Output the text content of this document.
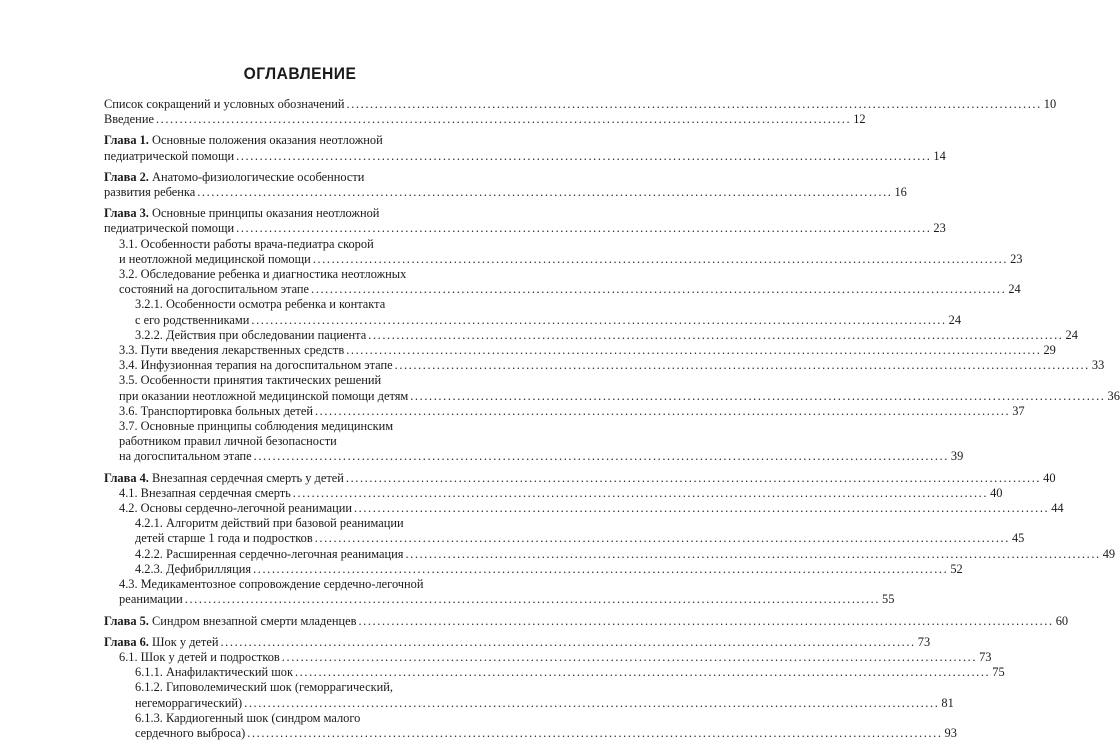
ОГЛАВЛЕНИЕ
Список сокращений и условных обозначений .................................................................................................................................................... 10
Введение .................................................................................................................................................... 12
Глава 1. Основные положения оказания неотложной
педиатрической помощи .................................................................................................................................................... 14
Глава 2. Анатомо-физиологические особенности
развития ребенка .................................................................................................................................................... 16
Глава 3. Основные принципы оказания неотложной
педиатрической помощи .................................................................................................................................................... 23
3.1. Особенности работы врача-педиатра скорой
и неотложной медицинской помощи .................................................................................................................................................... 23
3.2. Обследование ребенка и диагностика неотложных
состояний на догоспитальном этапе .................................................................................................................................................... 24
3.2.1. Особенности осмотра ребенка и контакта
с его родственниками .................................................................................................................................................... 24
3.2.2. Действия при обследовании пациента .................................................................................................................................................... 24
3.3. Пути введения лекарственных средств .................................................................................................................................................... 29
3.4. Инфузионная терапия на догоспитальном этапе .................................................................................................................................................... 33
3.5. Особенности принятия тактических решений
при оказании неотложной медицинской помощи детям .................................................................................................................................................... 36
3.6. Транспортировка больных детей .................................................................................................................................................... 37
3.7. Основные принципы соблюдения медицинским
работником правил личной безопасности
на догоспитальном этапе .................................................................................................................................................... 39
Глава 4. Внезапная сердечная смерть у детей .................................................................................................................................................... 40
4.1. Внезапная сердечная смерть .................................................................................................................................................... 40
4.2. Основы сердечно-легочной реанимации .................................................................................................................................................... 44
4.2.1. Алгоритм действий при базовой реанимации
детей старше 1 года и подростков .................................................................................................................................................... 45
4.2.2. Расширенная сердечно-легочная реанимация .................................................................................................................................................... 49
4.2.3. Дефибрилляция .................................................................................................................................................... 52
4.3. Медикаментозное сопровождение сердечно-легочной
реанимации .................................................................................................................................................... 55
Глава 5. Синдром внезапной смерти младенцев .................................................................................................................................................... 60
Глава 6. Шок у детей .................................................................................................................................................... 73
6.1. Шок у детей и подростков .................................................................................................................................................... 73
6.1.1. Анафилактический шок .................................................................................................................................................... 75
6.1.2. Гиповолемический шок (геморрагический,
негеморрагический) .................................................................................................................................................... 81
6.1.3. Кардиогенный шок (синдром малого
сердечного выброса) .................................................................................................................................................... 93
